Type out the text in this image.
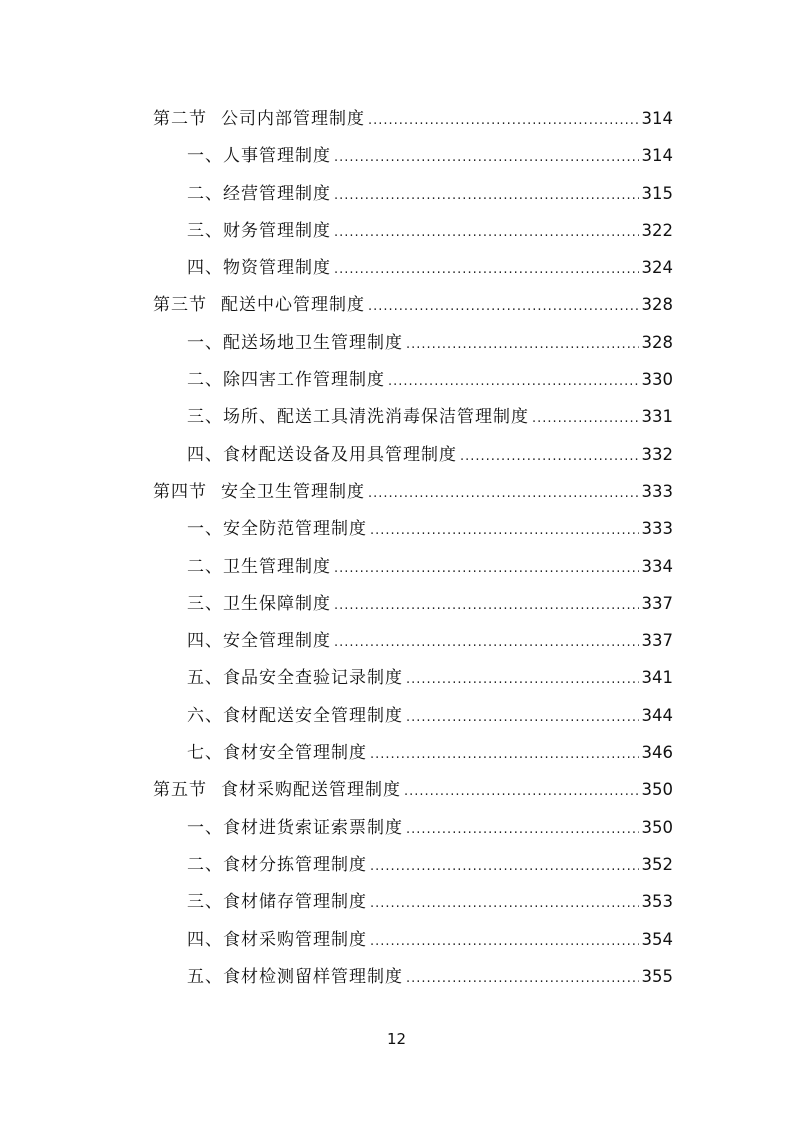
第二节 公司内部管理制度 .....	314
一、 人事管理制度 .....	314
二、 经营管理制度 .....	315
三、 财务管理制度 .....	322
四、 物资管理制度 .....	324
第三节 配送中心管理制度 .....	328
一、 配送场地卫生管理制度 .....	328
二、 除四害工作管理制度 .....	330
三、 场所、配送工具清洗消毒保洁管理制度 .....	331
四、 食材配送设备及用具管理制度 .....	332
第四节 安全卫生管理制度 .....	333
一、 安全防范管理制度 .....	333
二、 卫生管理制度 .....	334
三、 卫生保障制度 .....	337
四、 安全管理制度 .....	337
五、 食品安全查验记录制度 .....	341
六、 食材配送安全管理制度 .....	344
七、 食材安全管理制度 .....	346
第五节 食材采购配送管理制度 .....	350
一、 食材进货索证索票制度 .....	350
二、 食材分拣管理制度 .....	352
三、 食材储存管理制度 .....	353
四、 食材采购管理制度 .....	354
五、 食材检测留样管理制度 .....	355
12
